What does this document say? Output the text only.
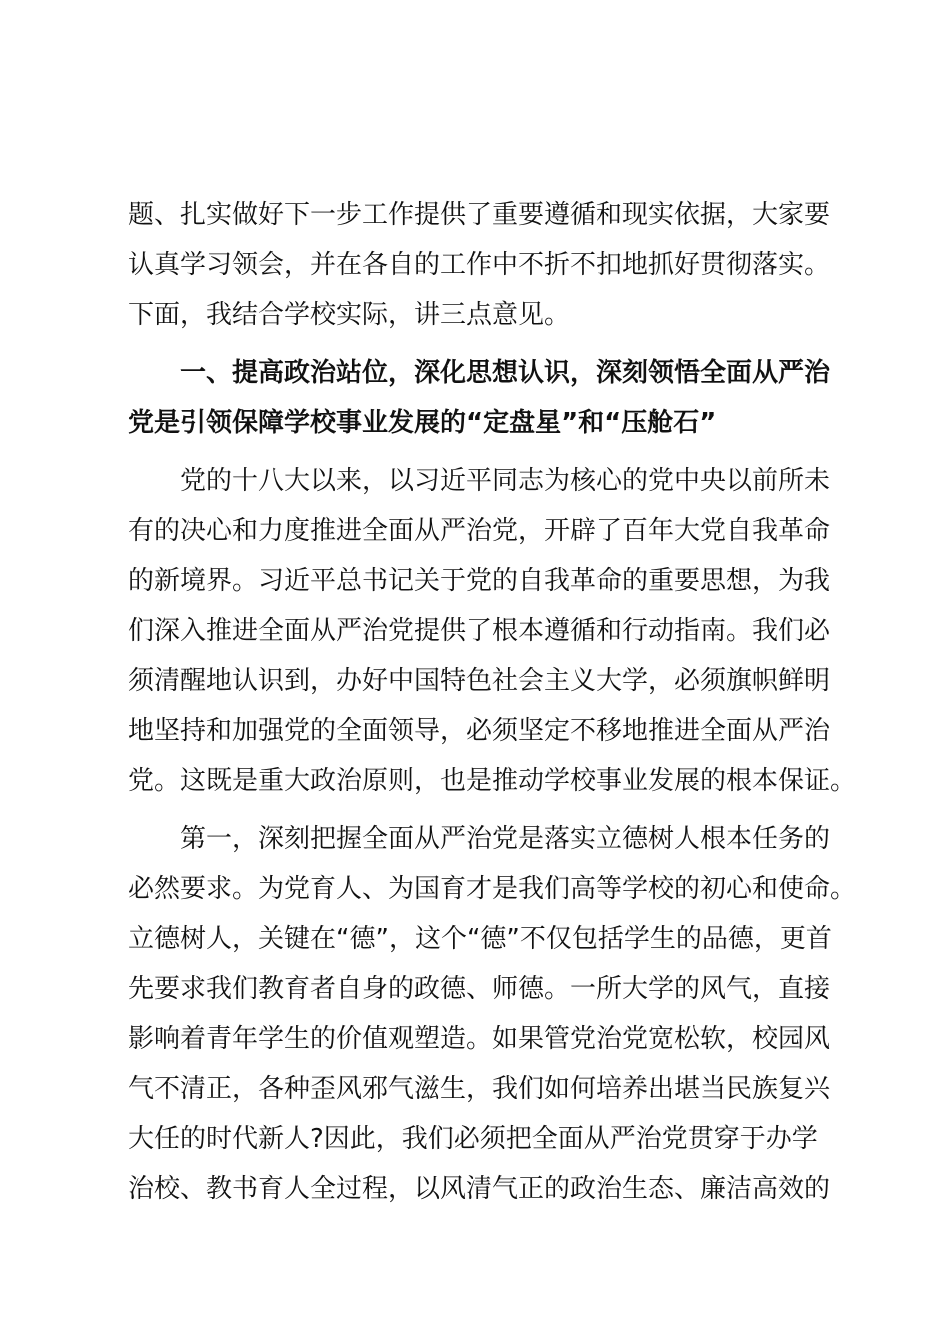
题、扎实做好下一步工作提供了重要遵循和现实依据，大家要
认真学习领会，并在各自的工作中不折不扣地抓好贯彻落实。
下面，我结合学校实际，讲三点意见。
一、提高政治站位，深化思想认识，深刻领悟全面从严治
党是引领保障学校事业发展的“定盘星”和“压舱石”
党的十八大以来，以习近平同志为核心的党中央以前所未
有的决心和力度推进全面从严治党，开辟了百年大党自我革命
的新境界。习近平总书记关于党的自我革命的重要思想，为我
们深入推进全面从严治党提供了根本遵循和行动指南。我们必
须清醒地认识到，办好中国特色社会主义大学，必须旗帜鲜明
地坚持和加强党的全面领导，必须坚定不移地推进全面从严治
党。这既是重大政治原则，也是推动学校事业发展的根本保证。
第一，深刻把握全面从严治党是落实立德树人根本任务的
必然要求。为党育人、为国育才是我们高等学校的初心和使命。
立德树人，关键在“德”，这个“德”不仅包括学生的品德，更首
先要求我们教育者自身的政德、师德。一所大学的风气，直接
影响着青年学生的价值观塑造。如果管党治党宽松软，校园风
气不清正，各种歪风邪气滋生，我们如何培养出堪当民族复兴
大任的时代新人?因此，我们必须把全面从严治党贯穿于办学
治校、教书育人全过程，以风清气正的政治生态、廉洁高效的
